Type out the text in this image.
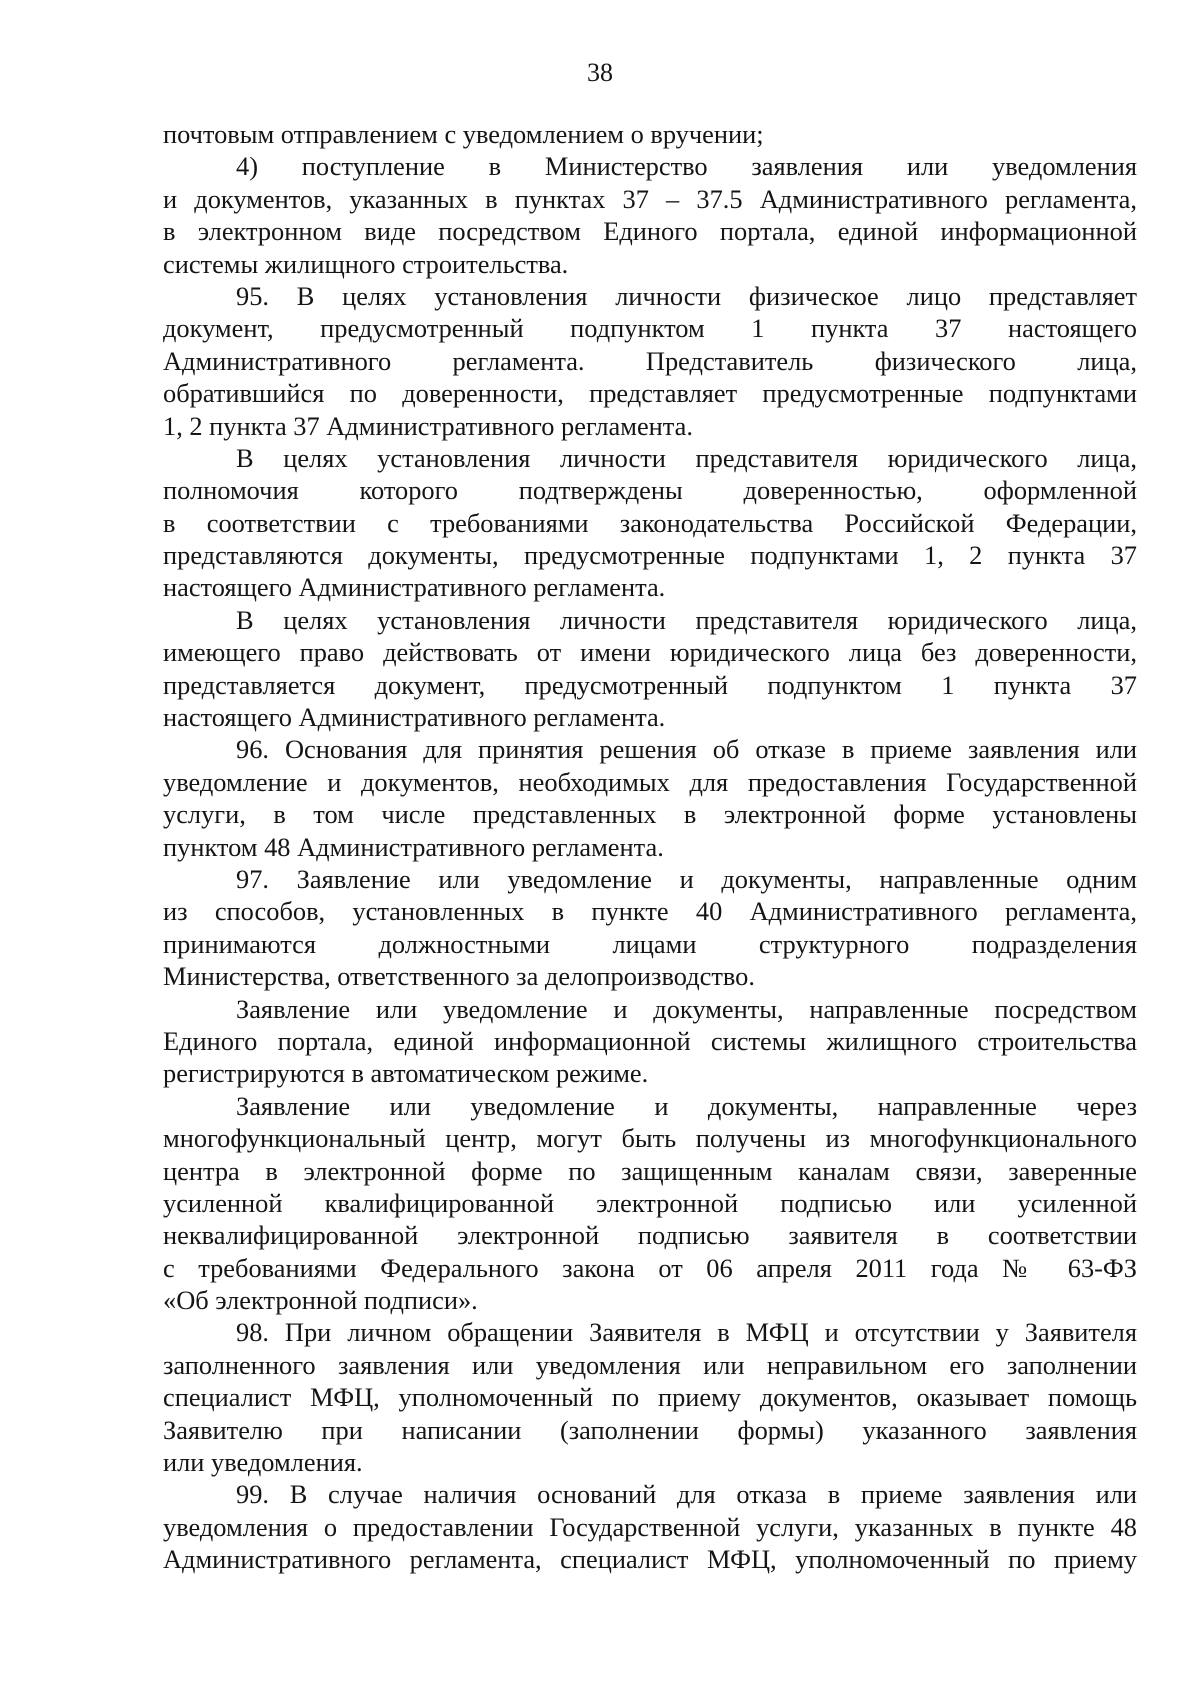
38
почтовым отправлением с уведомлением о вручении;
4) поступление в Министерство заявления или уведомления
и документов, указанных в пунктах 37 – 37.5 Административного регламента,
в электронном виде посредством Единого портала, единой информационной
системы жилищного строительства.
95. В целях установления личности физическое лицо представляет
документ, предусмотренный подпунктом 1 пункта 37 настоящего
Административного регламента. Представитель физического лица,
обратившийся по доверенности, представляет предусмотренные подпунктами
1, 2 пункта 37 Административного регламента.
В целях установления личности представителя юридического лица,
полномочия которого подтверждены доверенностью, оформленной
в соответствии с требованиями законодательства Российской Федерации,
представляются документы, предусмотренные подпунктами 1, 2 пункта 37
настоящего Административного регламента.
В целях установления личности представителя юридического лица,
имеющего право действовать от имени юридического лица без доверенности,
представляется документ, предусмотренный подпунктом 1 пункта 37
настоящего Административного регламента.
96. Основания для принятия решения об отказе в приеме заявления или
уведомление и документов, необходимых для предоставления Государственной
услуги, в том числе представленных в электронной форме установлены
пунктом 48 Административного регламента.
97. Заявление или уведомление и документы, направленные одним
из способов, установленных в пункте 40 Административного регламента,
принимаются должностными лицами структурного подразделения
Министерства, ответственного за делопроизводство.
Заявление или уведомление и документы, направленные посредством
Единого портала, единой информационной системы жилищного строительства
регистрируются в автоматическом режиме.
Заявление или уведомление и документы, направленные через
многофункциональный центр, могут быть получены из многофункционального
центра в электронной форме по защищенным каналам связи, заверенные
усиленной квалифицированной электронной подписью или усиленной
неквалифицированной электронной подписью заявителя в соответствии
с требованиями Федерального закона от 06 апреля 2011 года № 63-ФЗ
«Об электронной подписи».
98. При личном обращении Заявителя в МФЦ и отсутствии у Заявителя
заполненного заявления или уведомления или неправильном его заполнении
специалист МФЦ, уполномоченный по приему документов, оказывает помощь
Заявителю при написании (заполнении формы) указанного заявления
или уведомления.
99. В случае наличия оснований для отказа в приеме заявления или
уведомления о предоставлении Государственной услуги, указанных в пункте 48
Административного регламента, специалист МФЦ, уполномоченный по приему
